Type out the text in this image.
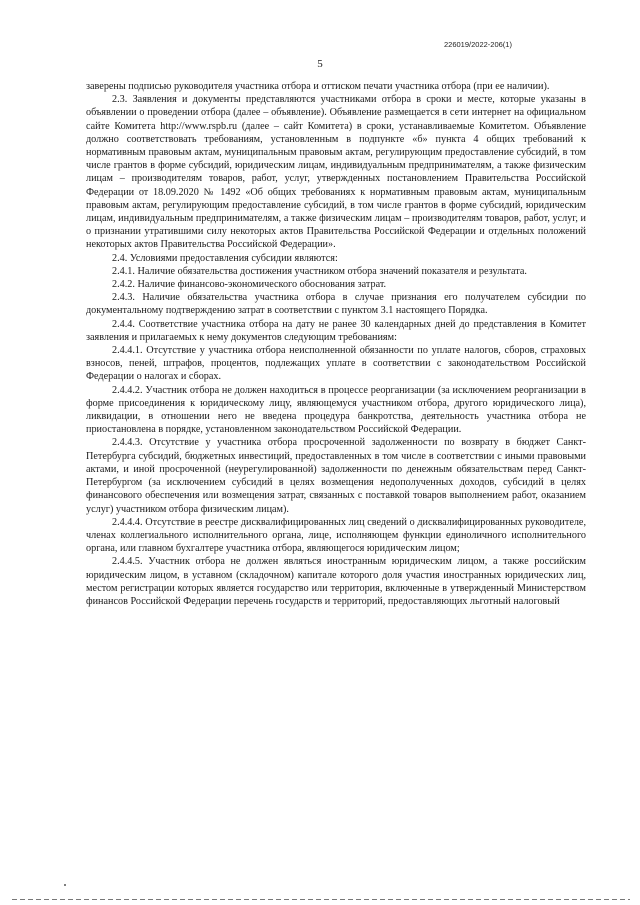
226019/2022-206(1)
5

заверены подписью руководителя участника отбора и оттиском печати участника отбора (при ее наличии).

2.3. Заявления и документы представляются участниками отбора в сроки и месте, которые указаны в объявлении о проведении отбора (далее – объявление). Объявление размещается в сети интернет на официальном сайте Комитета http://www.rspb.ru (далее – сайт Комитета) в сроки, устанавливаемые Комитетом. Объявление должно соответствовать требованиям, установленным в подпункте «б» пункта 4 общих требований к нормативным правовым актам, муниципальным правовым актам, регулирующим предоставление субсидий, в том числе грантов в форме субсидий, юридическим лицам, индивидуальным предпринимателям, а также физическим лицам – производителям товаров, работ, услуг, утвержденных постановлением Правительства Российской Федерации от 18.09.2020 № 1492 «Об общих требованиях к нормативным правовым актам, муниципальным правовым актам, регулирующим предоставление субсидий, в том числе грантов в форме субсидий, юридическим лицам, индивидуальным предпринимателям, а также физическим лицам – производителям товаров, работ, услуг, и о признании утратившими силу некоторых актов Правительства Российской Федерации и отдельных положений некоторых актов Правительства Российской Федерации».

2.4. Условиями предоставления субсидии являются:

2.4.1. Наличие обязательства достижения участником отбора значений показателя и результата.

2.4.2. Наличие финансово-экономического обоснования затрат.

2.4.3. Наличие обязательства участника отбора в случае признания его получателем субсидии по документальному подтверждению затрат в соответствии с пунктом 3.1 настоящего Порядка.

2.4.4. Соответствие участника отбора на дату не ранее 30 календарных дней до представления в Комитет заявления и прилагаемых к нему документов следующим требованиям:

2.4.4.1. Отсутствие у участника отбора неисполненной обязанности по уплате налогов, сборов, страховых взносов, пеней, штрафов, процентов, подлежащих уплате в соответствии с законодательством Российской Федерации о налогах и сборах.

2.4.4.2. Участник отбора не должен находиться в процессе реорганизации (за исключением реорганизации в форме присоединения к юридическому лицу, являющемуся участником отбора, другого юридического лица), ликвидации, в отношении него не введена процедура банкротства, деятельность участника отбора не приостановлена в порядке, установленном законодательством Российской Федерации.

2.4.4.3. Отсутствие у участника отбора просроченной задолженности по возврату в бюджет Санкт-Петербурга субсидий, бюджетных инвестиций, предоставленных в том числе в соответствии с иными правовыми актами, и иной просроченной (неурегулированной) задолженности по денежным обязательствам перед Санкт-Петербургом (за исключением субсидий в целях возмещения недополученных доходов, субсидий в целях финансового обеспечения или возмещения затрат, связанных с поставкой товаров выполнением работ, оказанием услуг) участником отбора физическим лицам).

2.4.4.4. Отсутствие в реестре дисквалифицированных лиц сведений о дисквалифицированных руководителе, членах коллегиального исполнительного органа, лице, исполняющем функции единоличного исполнительного органа, или главном бухгалтере участника отбора, являющегося юридическим лицом;

2.4.4.5. Участник отбора не должен являться иностранным юридическим лицом, а также российским юридическим лицом, в уставном (складочном) капитале которого доля участия иностранных юридических лиц, местом регистрации которых является государство или территория, включенные в утвержденный Министерством финансов Российской Федерации перечень государств и территорий, предоставляющих льготный налоговый
